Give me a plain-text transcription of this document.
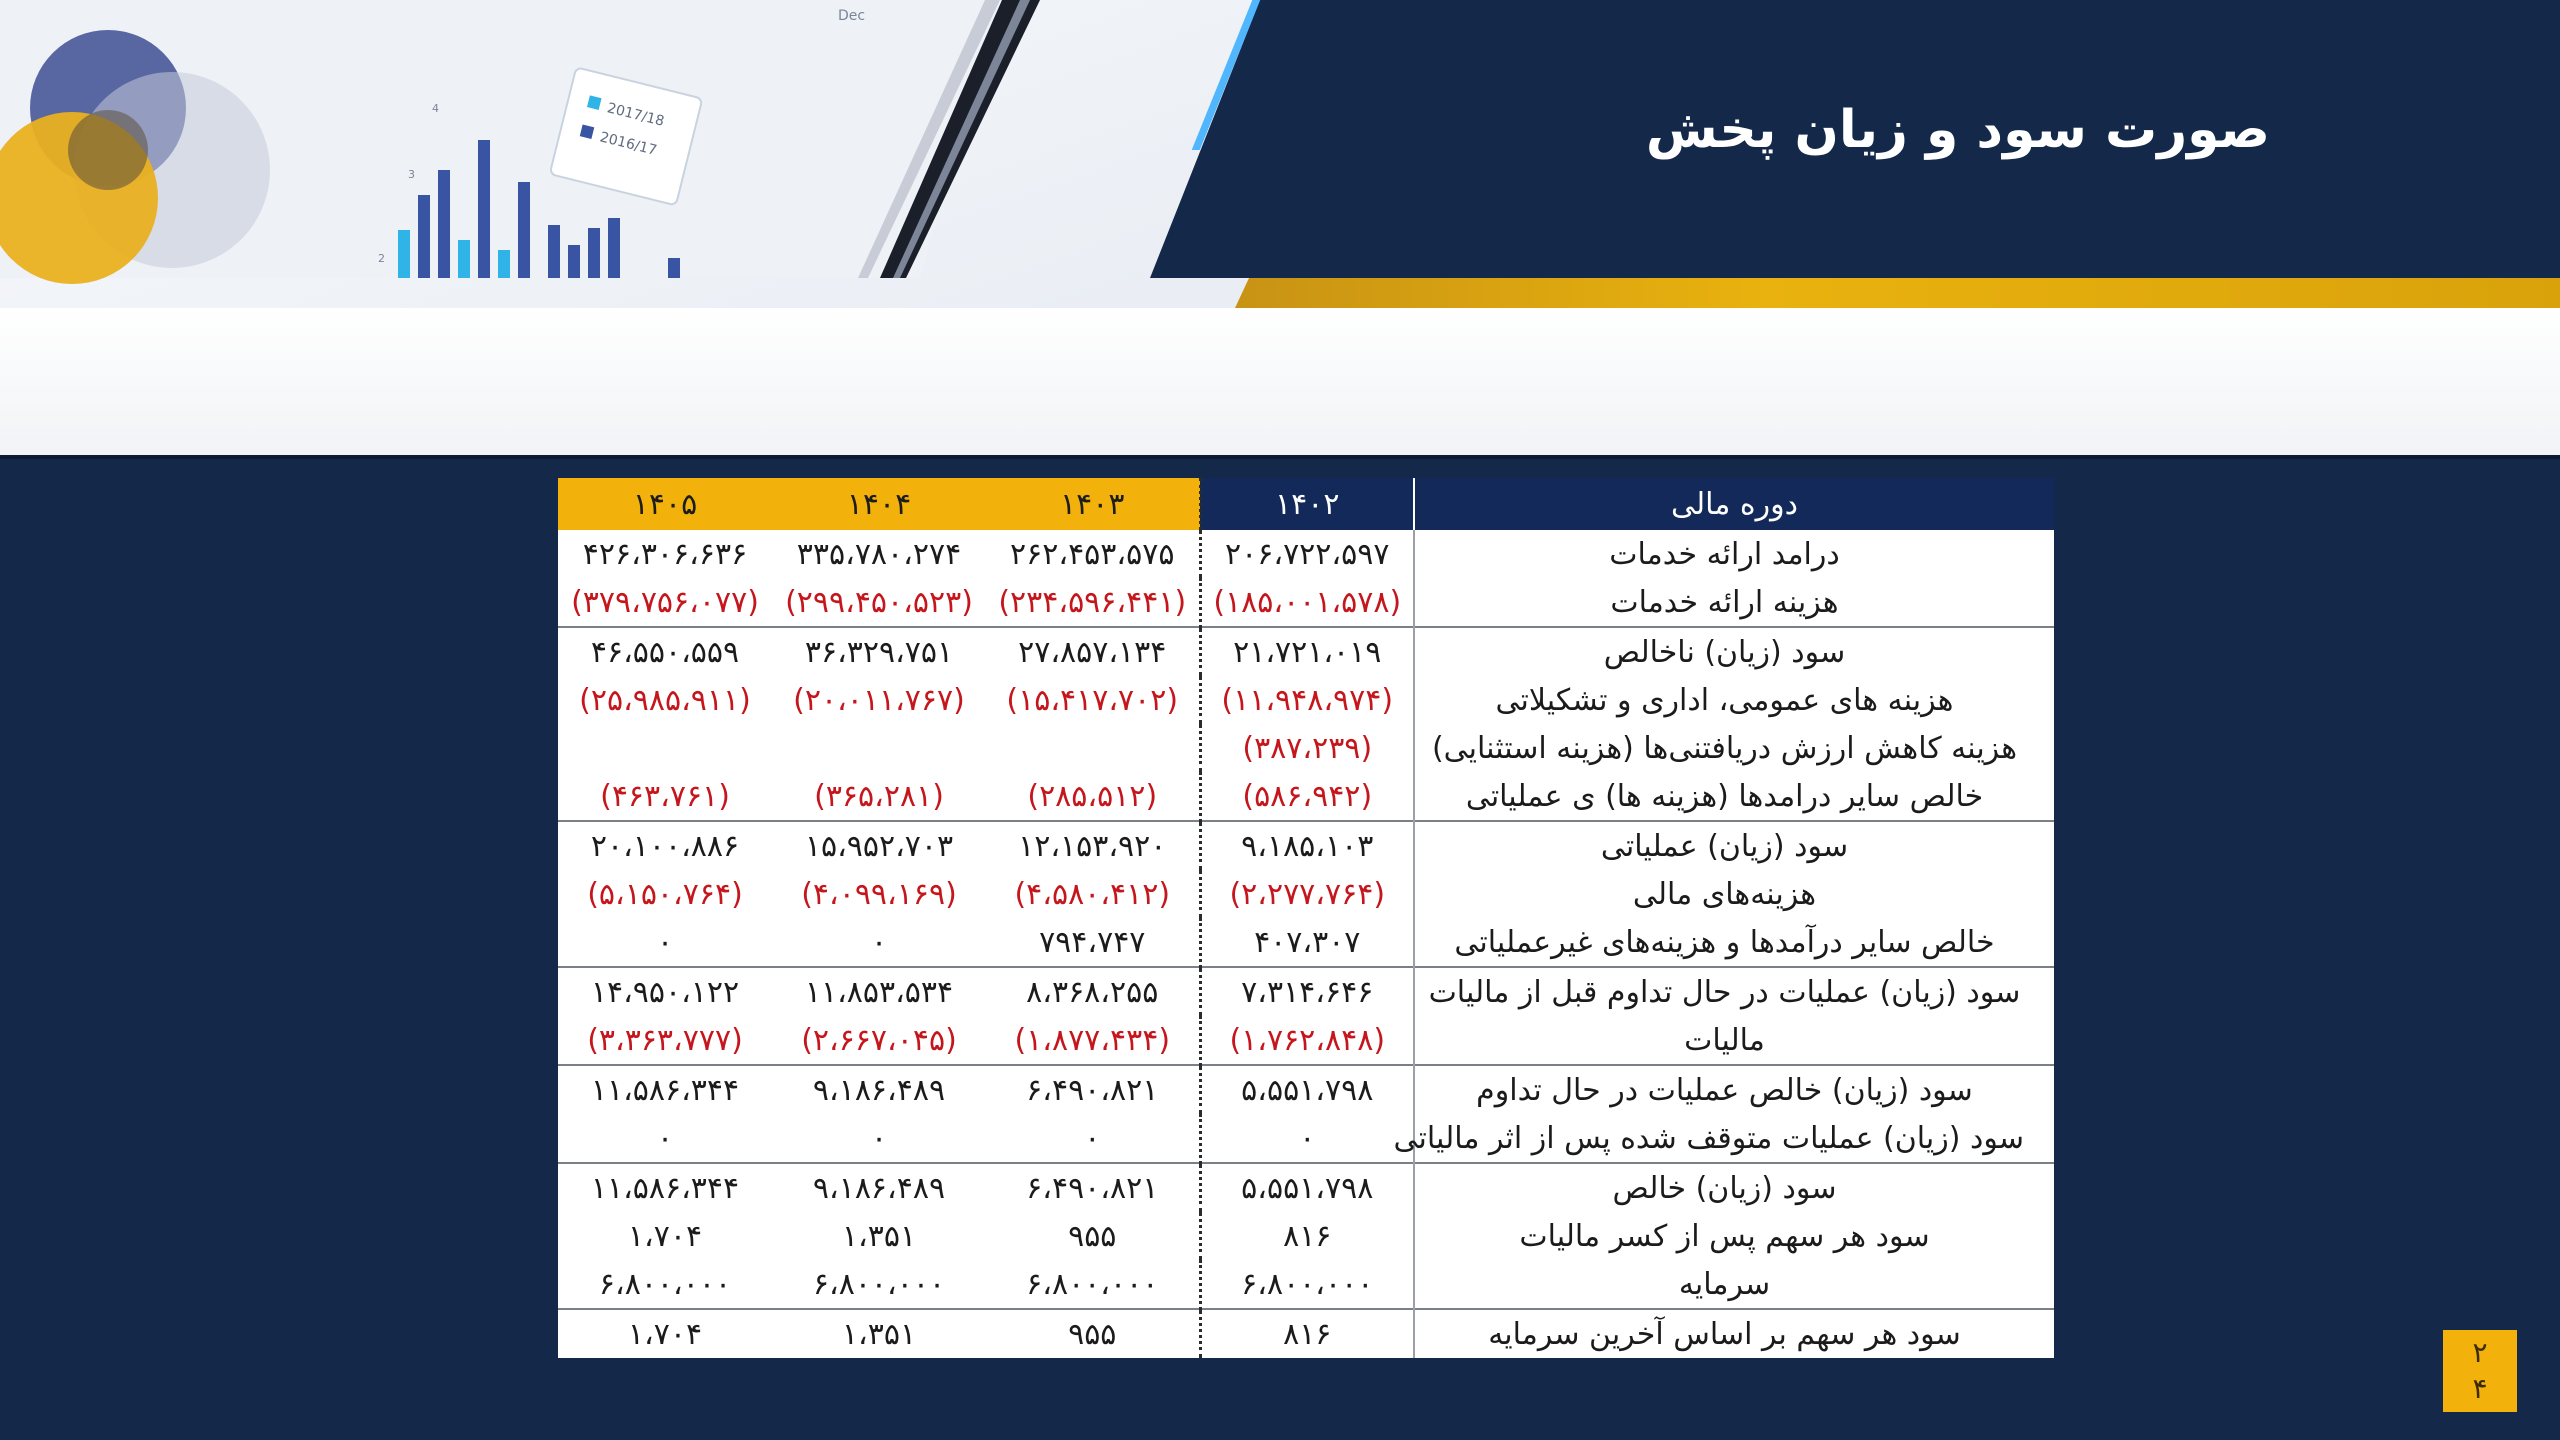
2
3
4	2017/18
2016/17
Dec
صورت سود و زیان پخش
دوره مالی	۱۴۰۲	۱۴۰۳	۱۴۰۴	۱۴۰۵
درامد ارائه خدمات	۲۰۶،۷۲۲،۵۹۷	۲۶۲،۴۵۳،۵۷۵	۳۳۵،۷۸۰،۲۷۴	۴۲۶،۳۰۶،۶۳۶
هزینه ارائه خدمات	(۱۸۵،۰۰۱،۵۷۸)	(۲۳۴،۵۹۶،۴۴۱)	(۲۹۹،۴۵۰،۵۲۳)	(۳۷۹،۷۵۶،۰۷۷)
سود (زیان) ناخالص	۲۱،۷۲۱،۰۱۹	۲۷،۸۵۷،۱۳۴	۳۶،۳۲۹،۷۵۱	۴۶،۵۵۰،۵۵۹
هزینه های عمومی، اداری و تشکیلاتی	(۱۱،۹۴۸،۹۷۴)	(۱۵،۴۱۷،۷۰۲)	(۲۰،۰۱۱،۷۶۷)	(۲۵،۹۸۵،۹۱۱)
هزینه کاهش ارزش دریافتنی‌ها (هزینه استثنایی)	(۳۸۷،۲۳۹)			
خالص سایر درامدها (هزینه ها) ی عملیاتی	(۵۸۶،۹۴۲)	(۲۸۵،۵۱۲)	(۳۶۵،۲۸۱)	(۴۶۳،۷۶۱)
سود (زیان) عملیاتی	۹،۱۸۵،۱۰۳	۱۲،۱۵۳،۹۲۰	۱۵،۹۵۲،۷۰۳	۲۰،۱۰۰،۸۸۶
هزینه‌های مالی	(۲،۲۷۷،۷۶۴)	(۴،۵۸۰،۴۱۲)	(۴،۰۹۹،۱۶۹)	(۵،۱۵۰،۷۶۴)
خالص سایر درآمدها و هزینه‌های غیرعملیاتی	۴۰۷،۳۰۷	۷۹۴،۷۴۷	۰	۰
سود (زیان) عملیات در حال تداوم قبل از مالیات	۷،۳۱۴،۶۴۶	۸،۳۶۸،۲۵۵	۱۱،۸۵۳،۵۳۴	۱۴،۹۵۰،۱۲۲
مالیات	(۱،۷۶۲،۸۴۸)	(۱،۸۷۷،۴۳۴)	(۲،۶۶۷،۰۴۵)	(۳،۳۶۳،۷۷۷)
سود (زیان) خالص عملیات در حال تداوم	۵،۵۵۱،۷۹۸	۶،۴۹۰،۸۲۱	۹،۱۸۶،۴۸۹	۱۱،۵۸۶،۳۴۴
سود (زیان) عملیات متوقف شده پس از اثر مالیاتی	۰	۰	۰	۰
سود (زیان) خالص	۵،۵۵۱،۷۹۸	۶،۴۹۰،۸۲۱	۹،۱۸۶،۴۸۹	۱۱،۵۸۶،۳۴۴
سود هر سهم پس از کسر مالیات	۸۱۶	۹۵۵	۱،۳۵۱	۱،۷۰۴
سرمایه	۶،۸۰۰،۰۰۰	۶،۸۰۰،۰۰۰	۶،۸۰۰،۰۰۰	۶،۸۰۰،۰۰۰
سود هر سهم بر اساس آخرین سرمایه	۸۱۶	۹۵۵	۱،۳۵۱	۱،۷۰۴
۲
۴
